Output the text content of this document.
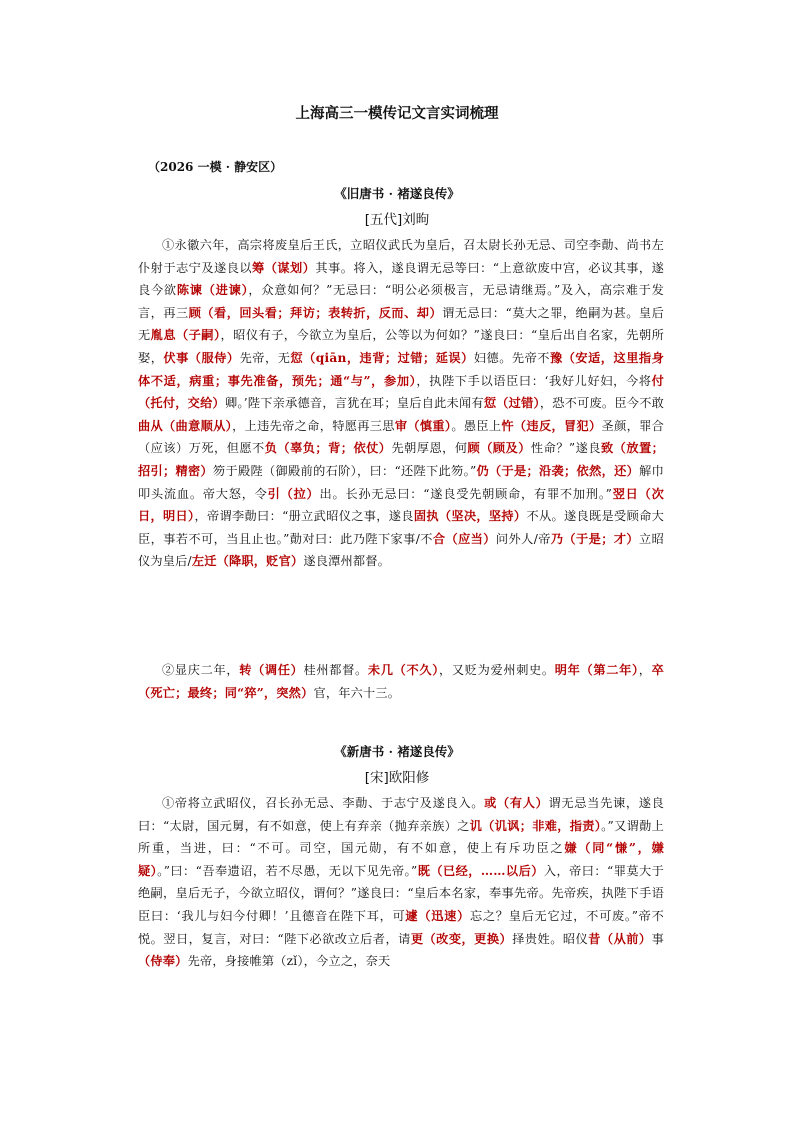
上海高三一模传记文言实词梳理
（2026 一模 · 静安区）
《旧唐书 · 褚遂良传》
[五代]刘昫
①永徽六年，高宗将废皇后王氏，立昭仪武氏为皇后，召太尉长孙无忌、司空李勣、尚书左仆射于志宁及遂良以筹（谋划）其事。将入，遂良谓无忌等曰：“上意欲废中宫，必议其事，遂良今欲陈谏（进谏），众意如何？”无忌曰：“明公必须极言，无忌请继焉。”及入，高宗难于发言，再三顾（看，回头看；拜访；表转折，反而、却）谓无忌曰：“莫大之罪，绝嗣为甚。皇后无胤息（子嗣），昭仪有子，今欲立为皇后，公等以为何如？”遂良曰：“皇后出自名家，先朝所娶，伏事（服侍）先帝，无愆（qiān，违背；过错；延误）妇德。先帝不豫（安适，这里指身体不适，病重；事先准备，预先；通“与”，参加），执陛下手以语臣曰：‘我好儿好妇，今将付（托付，交给）卿。’陛下亲承德音，言犹在耳；皇后自此未闻有愆（过错），恐不可废。臣今不敢曲从（曲意顺从），上违先帝之命，特愿再三思审（慎重）。愚臣上忤（违反，冒犯）圣颜，罪合（应该）万死，但愿不负（辜负；背；依仗）先朝厚恩，何顾（顾及）性命？”遂良致（放置；招引；精密）笏于殿陛（御殿前的石阶），曰：“还陛下此笏。”仍（于是；沿袭；依然，还）解巾叩头流血。帝大怒，令引（拉）出。长孙无忌曰：“遂良受先朝顾命，有罪不加刑。”翌日（次日，明日），帝谓李勣曰：“册立武昭仪之事，遂良固执（坚决，坚持）不从。遂良既是受顾命大臣，事若不可，当且止也。”勣对曰：此乃陛下家事/不合（应当）问外人/帝乃（于是；才）立昭仪为皇后/左迁（降职，贬官）遂良潭州都督。
②显庆二年，转（调任）桂州都督。未几（不久），又贬为爱州刺史。明年（第二年），卒（死亡；最终；同“猝”，突然）官，年六十三。
《新唐书 · 褚遂良传》
[宋]欧阳修
①帝将立武昭仪，召长孙无忌、李勣、于志宁及遂良入。或（有人）谓无忌当先谏，遂良曰：“太尉，国元舅，有不如意，使上有弃亲（抛弃亲族）之讥（讥讽；非难，指责）。”又谓勣上所重，当进，曰：“不可。司空，国元勋，有不如意，使上有斥功臣之嫌（同“慊”，嫌疑）。”曰：“吾奉遗诏，若不尽愚，无以下见先帝。”既（已经，……以后）入，帝曰：“罪莫大于绝嗣，皇后无子，今欲立昭仪，谓何？”遂良曰：“皇后本名家，奉事先帝。先帝疾，执陛下手语臣曰：‘我儿与妇今付卿！’且德音在陛下耳，可遽（迅速）忘之？皇后无它过，不可废。”帝不悦。翌日，复言，对曰：“陛下必欲改立后者，请更（改变，更换）择贵姓。昭仪昔（从前）事（侍奉）先帝，身接帷第（zǐ），今立之，奈天
